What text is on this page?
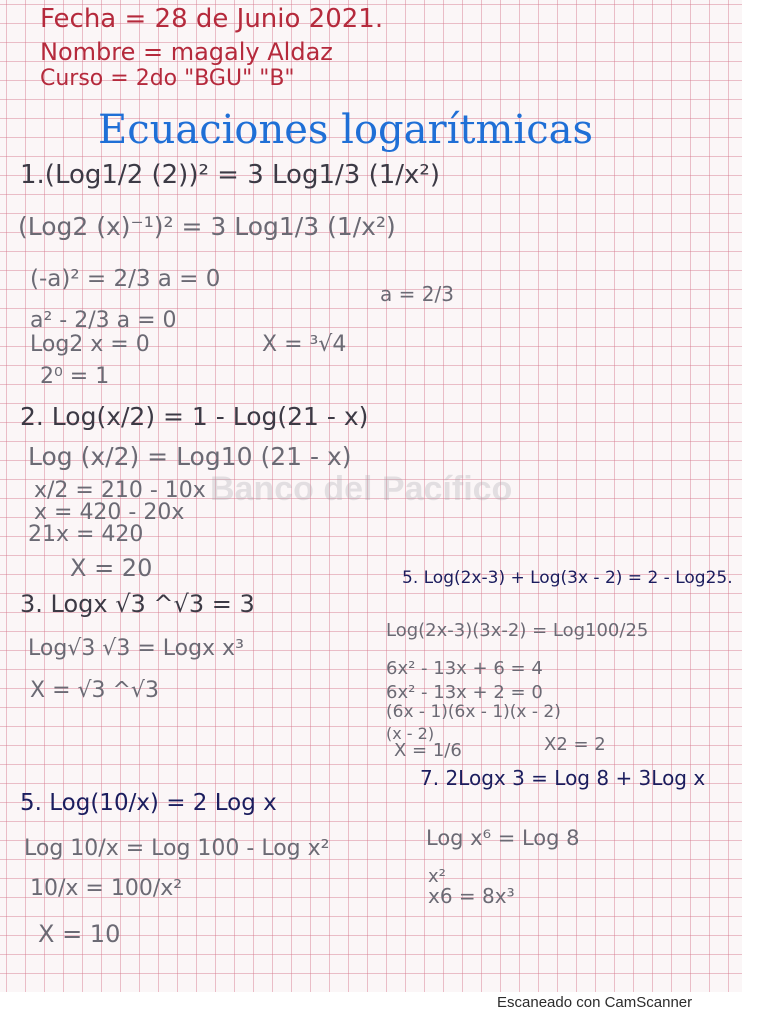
Banco del Pacífico
Fecha = 28 de Junio 2021.
Nombre = magaly Aldaz
Curso = 2do "BGU" "B"
Ecuaciones logarítmicas
1.(Log1/2 (2))² = 3 Log1/3 (1/x²)
(Log2 (x)⁻¹)² = 3 Log1/3 (1/x²)
(-a)² = 2/3 a = 0
a = 2/3
a² - 2/3 a = 0
Log2 x = 0	X = ³√4
2⁰ = 1
2. Log(x/2) = 1 - Log(21 - x)
Log (x/2) = Log10 (21 - x)
x/2 = 210 - 10x
x = 420 - 20x
21x = 420
X = 20
3. Logx √3 ^√3 = 3
Log√3 √3 = Logx x³
X = √3 ^√3
5. Log(2x-3) + Log(3x - 2) = 2 - Log25.
Log(2x-3)(3x-2) = Log100/25
6x² - 13x + 6 = 4
6x² - 13x + 2 = 0
(6x - 1)(6x - 1)(x - 2)
(x - 2)
X = 1/6	X2 = 2
5. Log(10/x) = 2 Log x
Log 10/x = Log 100 - Log x²
10/x = 100/x²
X = 10
7. 2Logx 3 = Log 8 + 3Log x
Log x⁶ = Log 8
x²
x6 = 8x³
Escaneado con CamScanner
